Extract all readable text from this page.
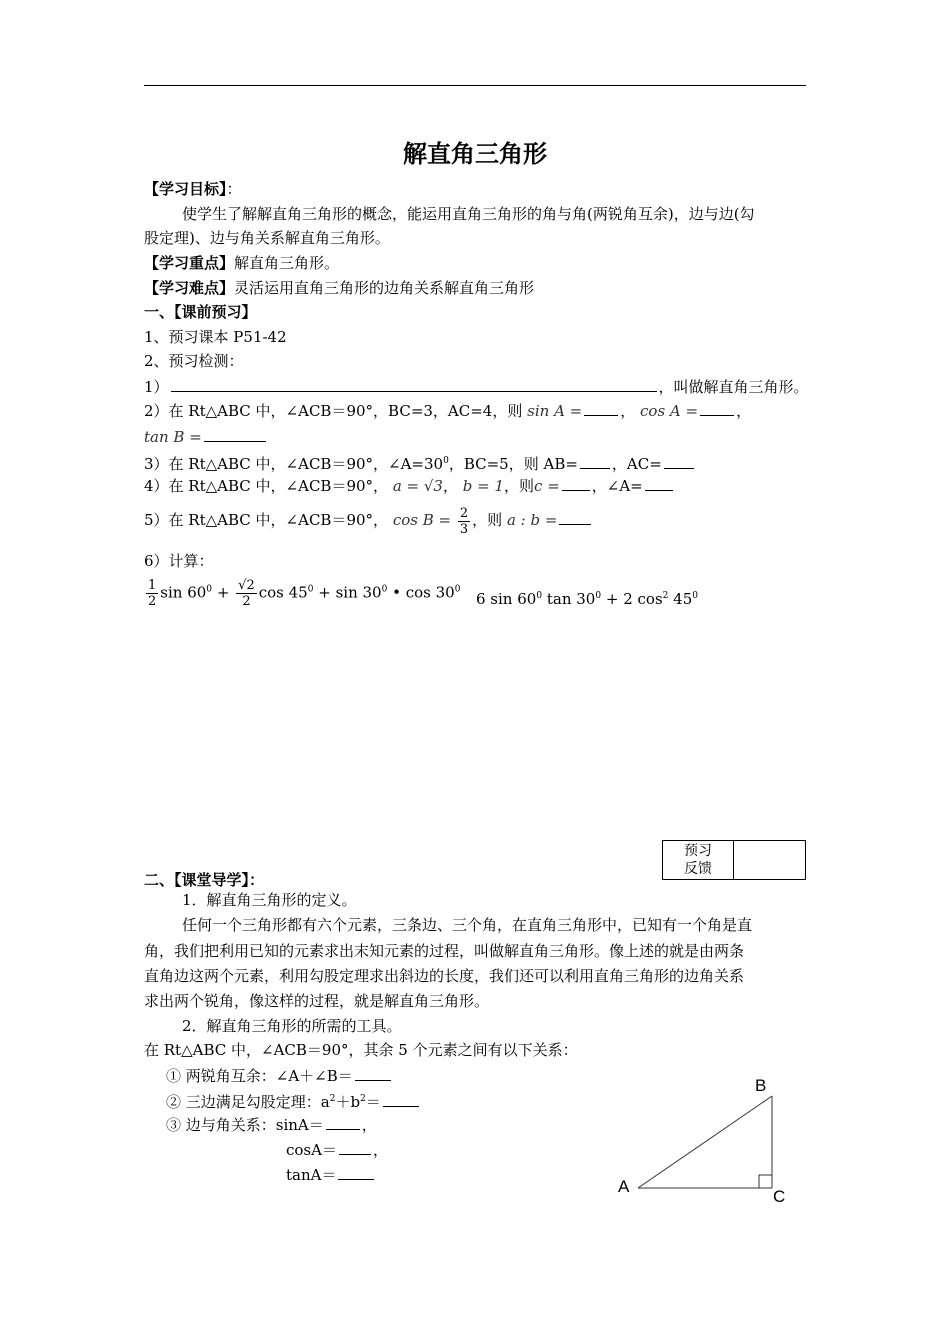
解直角三角形
【学习目标】：
使学生了解解直角三角形的概念，能运用直角三角形的角与角(两锐角互余)，边与边(勾
股定理)、边与角关系解直角三角形。
【学习重点】解直角三角形。
【学习难点】灵活运用直角三角形的边角关系解直角三角形
一、【课前预习】
1、预习课本 P51-42
2、预习检测：
1）	，叫做解直角三角形。
2）在 Rt△ABC 中，∠ACB＝90°，BC=3，AC=4，则 sin A =	， cos A =	，
tan B =
3）在 Rt△ABC 中，∠ACB＝90°，$\angle A=30^0$，BC=5，则 AB= ，AC=
4）在 Rt△ABC 中，∠ACB＝90°， a = √3， b = 1，则c = ，∠A=
5）在 Rt△ABC 中，∠ACB＝90°， $\cos B = \frac{2}{3}$ ，则 a : b =
6）计算：
$\frac{1}{2}$ $\sin 60^0 + \frac{√2}{2}$ $\cos 45^0 + \sin 30^0$ • $\cos 30^0$
6 $\sin 60^0$ $\tan 30^0 + 2$ $\cos^2 45^0$
预习
反馈

二、【课堂导学】：
1．解直角三角形的定义。
任何一个三角形都有六个元素，三条边、三个角，在直角三角形中，已知有一个角是直
角，我们把利用已知的元素求出末知元素的过程，叫做解直角三角形。像上述的就是由两条
直角边这两个元素，利用勾股定理求出斜边的长度，我们还可以利用直角三角形的边角关系
求出两个锐角，像这样的过程，就是解直角三角形。
2．解直角三角形的所需的工具。
在 Rt△ABC 中，∠ACB＝90°，其余 5 个元素之间有以下关系：
① 两锐角互余：∠A＋∠B＝
② 三边满足勾股定理：$a^2+b^2=$
③ 边与角关系：sinA＝	，
cosA＝ ，
tanA＝
A
B
C
